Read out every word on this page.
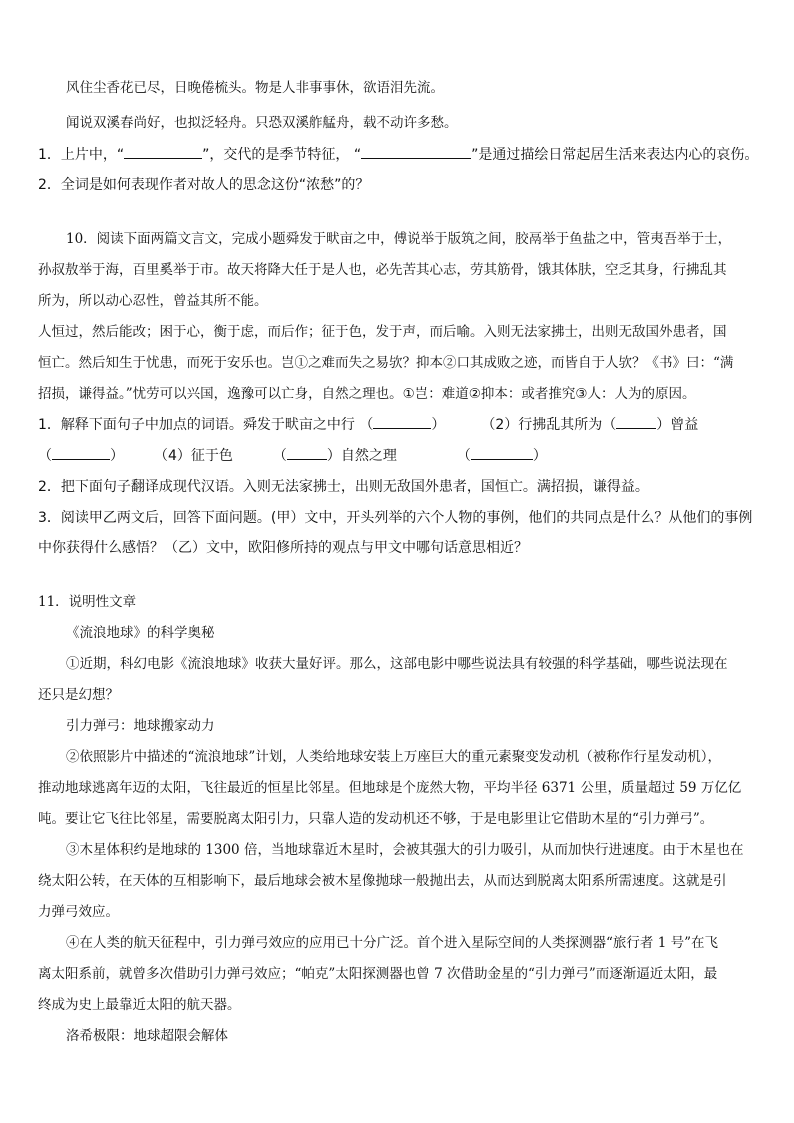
风住尘香花已尽，日晚倦梳头。物是人非事事休，欲语泪先流。
闻说双溪春尚好，也拟泛轻舟。只恐双溪舴艋舟，载不动许多愁。
1．上片中，“	”，交代的是季节特征， “	”是通过描绘日常起居生活来表达内心的哀伤。
2．全词是如何表现作者对故人的思念这份“浓愁”的？
10．阅读下面两篇文言文，完成小题舜发于畎亩之中，傅说举于版筑之间，胶鬲举于鱼盐之中，管夷吾举于士，
孙叔敖举于海，百里奚举于市。故天将降大任于是人也，必先苦其心志，劳其筋骨，饿其体肤，空乏其身，行拂乱其
所为，所以动心忍性，曾益其所不能。
人恒过，然后能改；困于心，衡于虑，而后作；征于色，发于声，而后喻。入则无法家拂士，出则无敌国外患者，国
恒亡。然后知生于忧患，而死于安乐也。岂①之难而失之易欤？抑本②口其成败之迹，而皆自于人欤？《书》曰：“满
招损，谦得益。”忧劳可以兴国，逸豫可以亡身，自然之理也。①岂：难道②抑本：或者推究③人：人为的原因。
1．解释下面句子中加点的词语。舜发于畎亩之中行 （	）	（2）行拂乱其所为（	）曾益
（	） （4）征于色	（	）自然之理	（	）
2．把下面句子翻译成现代汉语。入则无法家拂士，出则无敌国外患者，国恒亡。满招损，谦得益。
3．阅读甲乙两文后，回答下面问题。(甲）文中，开头列举的六个人物的事例，他们的共同点是什么？从他们的事例
中你获得什么感悟？（乙）文中，欧阳修所持的观点与甲文中哪句话意思相近？
11．说明性文章
《流浪地球》的科学奥秘
①近期，科幻电影《流浪地球》收获大量好评。那么，这部电影中哪些说法具有较强的科学基础，哪些说法现在
还只是幻想？
引力弹弓：地球搬家动力
②依照影片中描述的“流浪地球”计划，人类给地球安装上万座巨大的重元素聚变发动机（被称作行星发动机），
推动地球逃离年迈的太阳，飞往最近的恒星比邻星。但地球是个庞然大物，平均半径 6371 公里，质量超过 59 万亿亿
吨。要让它飞往比邻星，需要脱离太阳引力，只靠人造的发动机还不够，于是电影里让它借助木星的“引力弹弓”。
③木星体积约是地球的 1300 倍，当地球靠近木星时，会被其强大的引力吸引，从而加快行进速度。由于木星也在
绕太阳公转，在天体的互相影响下，最后地球会被木星像抛球一般抛出去，从而达到脱离太阳系所需速度。这就是引
力弹弓效应。
④在人类的航天征程中，引力弹弓效应的应用已十分广泛。首个进入星际空间的人类探测器“旅行者 1 号”在飞
离太阳系前，就曾多次借助引力弹弓效应；“帕克”太阳探测器也曾 7 次借助金星的“引力弹弓”而逐渐逼近太阳，最
终成为史上最靠近太阳的航天器。
洛希极限：地球超限会解体
